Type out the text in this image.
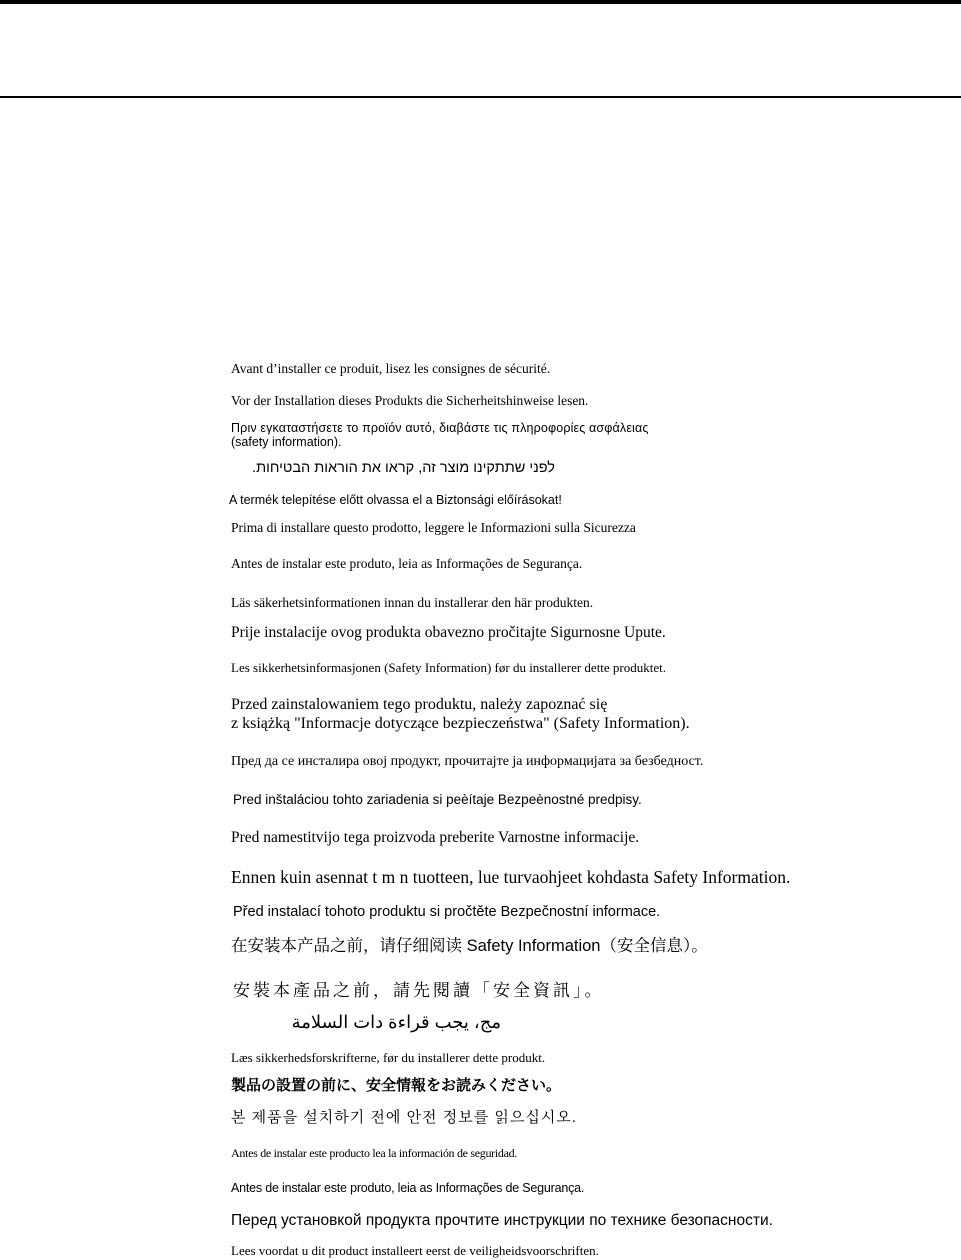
Avant d’installer ce produit, lisez les consignes de sécurité.
Vor der Installation dieses Produkts die Sicherheitshinweise lesen.
Πριν εγκαταστήσετε το προϊόν αυτό, διαβάστε τις πληροφορίες ασφάλειας
(safety information).
לפני שתתקינו מוצר זה, קראו את הוראות הבטיחות.
A termék telepítése előtt olvassa el a Biztonsági előírásokat!
Prima di installare questo prodotto, leggere le Informazioni sulla Sicurezza
Antes de instalar este produto, leia as Informações de Segurança.
Läs säkerhetsinformationen innan du installerar den här produkten.
Prije instalacije ovog produkta obavezno pročitajte Sigurnosne Upute.
Les sikkerhetsinformasjonen (Safety Information) før du installerer dette produktet.
Przed zainstalowaniem tego produktu, należy zapoznać się
z książką "Informacje dotyczące bezpieczeństwa" (Safety Information).
Пред да се инсталира овој продукт, прочитајте ја информацијата за безбедност.
Pred inštaláciou tohto zariadenia si peèítaje Bezpeènostné predpisy.
Pred namestitvijo tega proizvoda preberite Varnostne informacije.
Ennen kuin asennat t m n tuotteen, lue turvaohjeet kohdasta Safety Information.
Před instalací tohoto produktu si pročtěte Bezpečnostní informace.
在安装本产品之前，请仔细阅读 Safety Information（安全信息）。
安裝本產品之前，請先閱讀「安全資訊」。
مج، يجب قراءة دات السلامة
Læs sikkerhedsforskrifterne, før du installerer dette produkt.
製品の設置の前に、安全情報をお読みください。
본 제품을 설치하기 전에 안전 정보를 읽으십시오.
Antes de instalar este producto lea la información de seguridad.
Antes de instalar este produto, leia as Informações de Segurança.
Перед установкой продукта прочтите инструкции по технике безопасности.
Lees voordat u dit product installeert eerst de veiligheidsvoorschriften.
